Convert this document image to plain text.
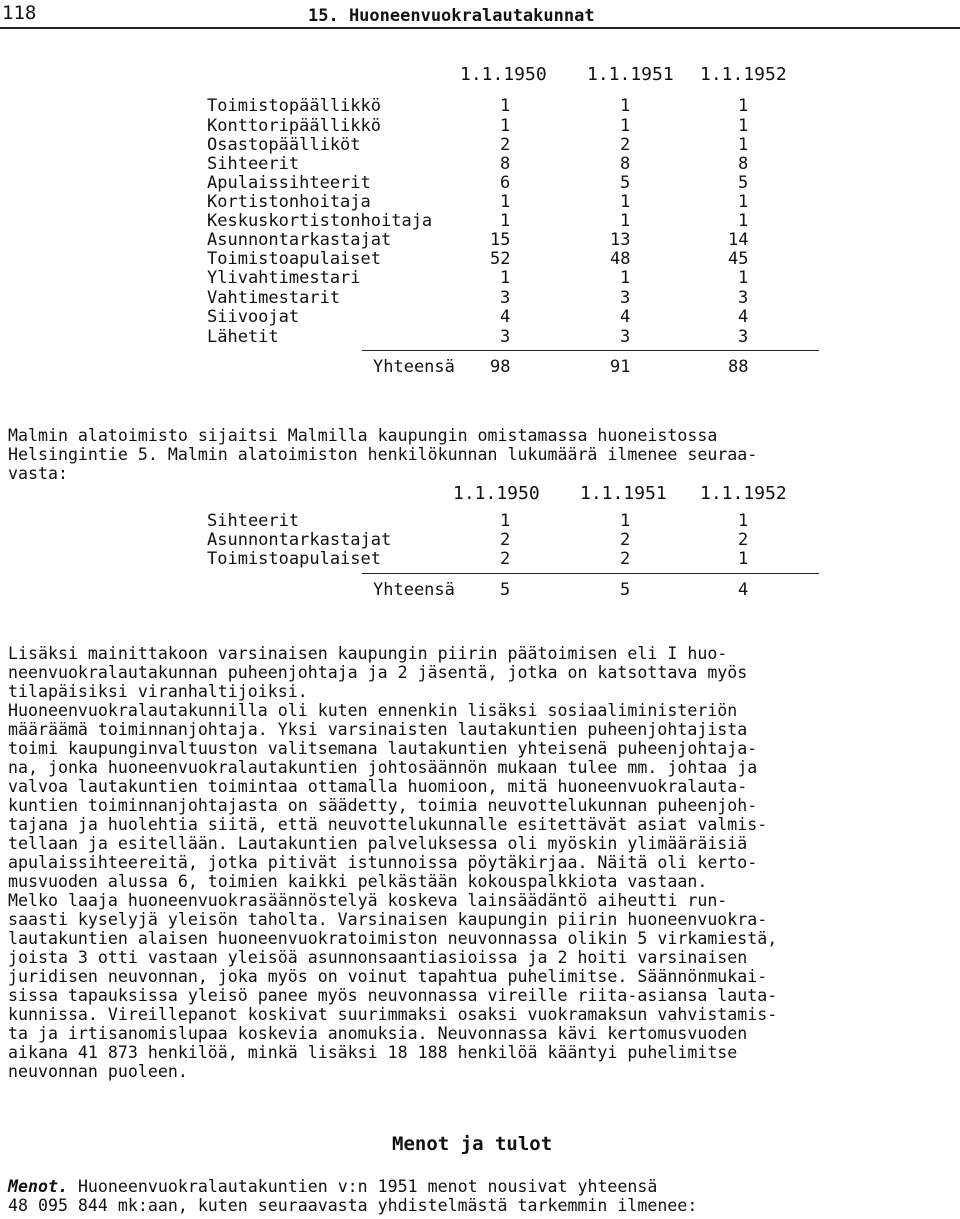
118	15. Huoneenvuokralautakunnat
1.1.1950 1.1.1951 1.1.1952
Toimistopäällikkö	1	1	1
Konttoripäällikkö	1	1	1
Osastopäälliköt	2	2	1
Sihteerit	8	8	8
Apulaissihteerit	6	5	5
Kortistonhoitaja	1	1	1
Keskuskortistonhoitaja	1	1	1
Asunnontarkastajat	15	13	14
Toimistoapulaiset	52	48	45
Ylivahtimestari	1	1	1
Vahtimestarit	3	3	3
Siivoojat	4	4	4
Lähetit	3	3	3
Yhteensä 98	91	88
Malmin alatoimisto sijaitsi Malmilla kaupungin omistamassa huoneistossa
Helsingintie 5. Malmin alatoimiston henkilökunnan lukumäärä ilmenee seuraa-
vasta:
1.1.1950 1.1.1951 1.1.1952
Sihteerit	1	1	1
Asunnontarkastajat	2	2	2
Toimistoapulaiset	2	2	1
Yhteensä	5	5	4
Lisäksi mainittakoon varsinaisen kaupungin piirin päätoimisen eli I huo-
neenvuokralautakunnan puheenjohtaja ja 2 jäsentä, jotka on katsottava myös
tilapäisiksi viranhaltijoiksi.
Huoneenvuokralautakunnilla oli kuten ennenkin lisäksi sosiaaliministeriön
määräämä toiminnanjohtaja. Yksi varsinaisten lautakuntien puheenjohtajista
toimi kaupunginvaltuuston valitsemana lautakuntien yhteisenä puheenjohtaja-
na, jonka huoneenvuokralautakuntien johtosäännön mukaan tulee mm. johtaa ja
valvoa lautakuntien toimintaa ottamalla huomioon, mitä huoneenvuokralauta-
kuntien toiminnanjohtajasta on säädetty, toimia neuvottelukunnan puheenjoh-
tajana ja huolehtia siitä, että neuvottelukunnalle esitettävät asiat valmis-
tellaan ja esitellään. Lautakuntien palveluksessa oli myöskin ylimääräisiä
apulaissihteereitä, jotka pitivät istunnoissa pöytäkirjaa. Näitä oli kerto-
musvuoden alussa 6, toimien kaikki pelkästään kokouspalkkiota vastaan.
Melko laaja huoneenvuokrasäännöstelyä koskeva lainsäädäntö aiheutti run-
saasti kyselyjä yleisön taholta. Varsinaisen kaupungin piirin huoneenvuokra-
lautakuntien alaisen huoneenvuokratoimiston neuvonnassa olikin 5 virkamiestä,
joista 3 otti vastaan yleisöä asunnonsaantiasioissa ja 2 hoiti varsinaisen
juridisen neuvonnan, joka myös on voinut tapahtua puhelimitse. Säännönmukai-
sissa tapauksissa yleisö panee myös neuvonnassa vireille riita-asiansa lauta-
kunnissa. Vireillepanot koskivat suurimmaksi osaksi vuokramaksun vahvistamis-
ta ja irtisanomislupaa koskevia anomuksia. Neuvonnassa kävi kertomusvuoden
aikana 41 873 henkilöä, minkä lisäksi 18 188 henkilöä kääntyi puhelimitse
neuvonnan puoleen.
Menot ja tulot
Menot. Huoneenvuokralautakuntien v:n 1951 menot nousivat yhteensä
48 095 844 mk:aan, kuten seuraavasta yhdistelmästä tarkemmin ilmenee:
